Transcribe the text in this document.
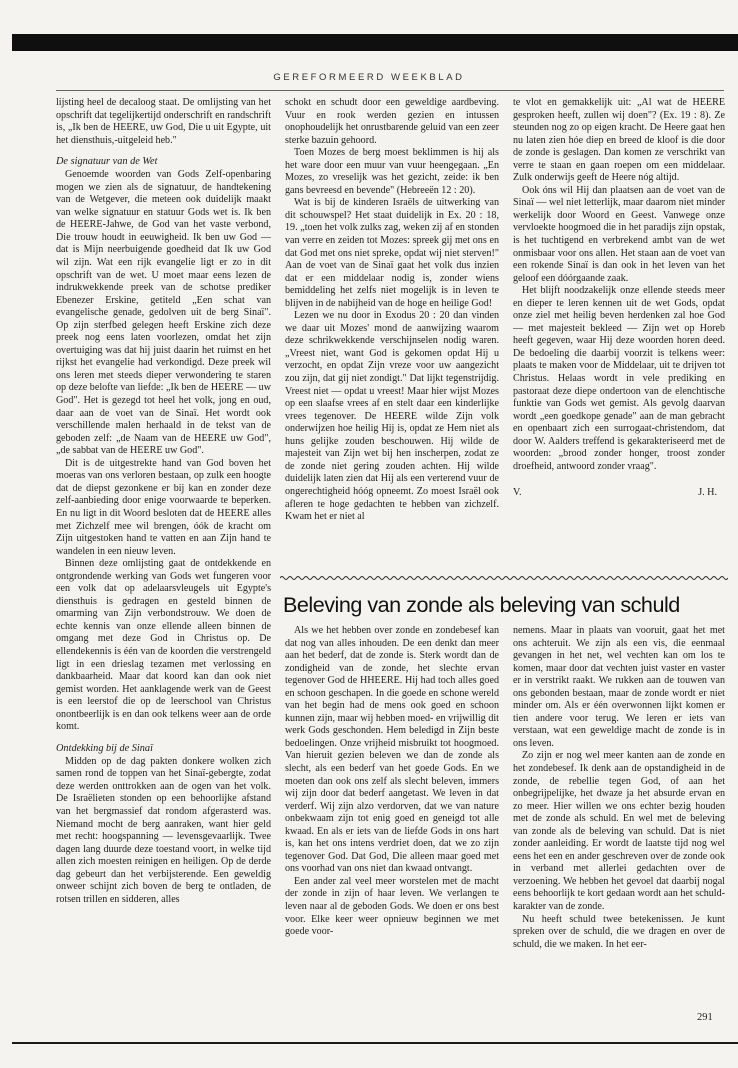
GEREFORMEERD WEEKBLAD

lijsting heel de decaloog staat. De omlijsting van het opschrift dat tegelijkertijd onderschrift en randschrift is, „Ik ben de HEERE, uw God, Die u uit Egypte, uit het diensthuis,-uitgeleid heb."

De signatuur van de Wet

Genoemde woorden van Gods Zelf-openbaring mogen we zien als de signatuur, de handtekening van de Wetgever, die meteen ook duidelijk maakt van welke signatuur en statuur Gods wet is. Ik ben de HEERE-Jahwe, de God van het vaste verbond, Die trouw houdt in eeuwigheid. Ik ben uw God — dat is Mijn neerbuigende goedheid dat Ik uw God wil zijn. Wat een rijk evangelie ligt er zo in dit opschrift van de wet. U moet maar eens lezen de indrukwekkende preek van de schotse prediker Ebenezer Erskine, getiteld „Een schat van evangelische genade, gedolven uit de berg Sinaï". Op zijn sterfbed gelegen heeft Erskine zich deze preek nog eens laten voorlezen, omdat het zijn overtuiging was dat hij juist daarin het ruimst en het rijkst het evangelie had verkondigd. Deze preek wil ons leren met steeds dieper verwondering te staren op deze belofte van liefde: „Ik ben de HEERE — uw God". Het is gezegd tot heel het volk, jong en oud, daar aan de voet van de Sinaï. Het wordt ook verschillende malen herhaald in de tekst van de geboden zelf: „de Naam van de HEERE uw God", „de sabbat van de HEERE uw God".

Dit is de uitgestrekte hand van God boven het moeras van ons verloren bestaan, op zulk een hoogte dat de diepst gezonkene er bij kan en zonder deze zelf-aanbieding door enige voorwaarde te beperken. En nu ligt in dit Woord besloten dat de HEERE alles met Zichzelf mee wil brengen, óók de kracht om Zijn uitgestoken hand te vatten en aan Zijn hand te wandelen in een nieuw leven.

Binnen deze omlijsting gaat de ontdekkende en ontgrondende werking van Gods wet fungeren voor een volk dat op adelaarsvleugels uit Egypte's diensthuis is gedragen en gesteld binnen de omarming van Zijn verbondstrouw. We doen de echte kennis van onze ellende alleen binnen de omgang met deze God in Christus op. De ellendekennis is één van de koorden die verstrengeld ligt in een drieslag tezamen met verlossing en dankbaarheid. Maar dat koord kan dan ook niet gemist worden. Het aanklagende werk van de Geest is een leerstof die op de leerschool van Christus onontbeerlijk is en dan ook telkens weer aan de orde komt.

Ontdekking bij de Sinaï

Midden op de dag pakten donkere wolken zich samen rond de toppen van het Sinaï-gebergte, zodat deze werden onttrokken aan de ogen van het volk. De Israëlieten stonden op een behoorlijke afstand van het bergmassief dat rondom afgerasterd was. Niemand mocht de berg aanraken, want hier geld met recht: hoogspanning — levensgevaarlijk. Twee dagen lang duurde deze toestand voort, in welke tijd allen zich moesten reinigen en heiligen. Op de derde dag gebeurt dan het verbijsterende. Een geweldig onweer schijnt zich boven de berg te ontladen, de rotsen trillen en sidderen, alles

schokt en schudt door een geweldige aardbeving. Vuur en rook werden gezien en intussen onophoudelijk het onrustbarende geluid van een zeer sterke bazuin gehoord.

Toen Mozes de berg moest beklimmen is hij als het ware door een muur van vuur heengegaan. „En Mozes, zo vreselijk was het gezicht, zeide: ik ben gans bevreesd en bevende" (Hebreeën 12 : 20).

Wat is bij de kinderen Israëls de uitwerking van dit schouwspel? Het staat duidelijk in Ex. 20 : 18, 19. „toen het volk zulks zag, weken zij af en stonden van verre en zeiden tot Mozes: spreek gij met ons en dat God met ons niet spreke, opdat wij niet sterven!" Aan de voet van de Sinaï gaat het volk dus inzien dat er een middelaar nodig is, zonder wiens bemiddeling het zelfs niet mogelijk is in leven te blijven in de nabijheid van de hoge en heilige God!

Lezen we nu door in Exodus 20 : 20 dan vinden we daar uit Mozes' mond de aanwijzing waarom deze schrikwekkende verschijnselen nodig waren. „Vreest niet, want God is gekomen opdat Hij u verzocht, en opdat Zijn vreze voor uw aangezicht zou zijn, dat gij niet zondigt." Dat lijkt tegenstrijdig. Vreest niet — opdat u vreest! Maar hier wijst Mozes op een slaafse vrees af en stelt daar een kinderlijke vrees tegenover. De HEERE wilde Zijn volk onderwijzen hoe heilig Hij is, opdat ze Hem niet als huns gelijke zouden beschouwen. Hij wilde de majesteit van Zijn wet bij hen inscherpen, zodat ze de zonde niet gering zouden achten. Hij wilde duidelijk laten zien dat Hij als een verterend vuur de ongerechtigheid hóóg opneemt. Zo moest Israël ook afleren te hoge gedachten te hebben van zichzelf. Kwam het er niet al

te vlot en gemakkelijk uit: „Al wat de HEERE gesproken heeft, zullen wij doen"? (Ex. 19 : 8). Ze steunden nog zo op eigen kracht. De Heere gaat hen nu laten zien hóe diep en breed de kloof is die door de zonde is geslagen. Dan komen ze verschrikt van verre te staan en gaan roepen om een middelaar. Zulk onderwijs geeft de Heere nóg altijd.

Ook óns wil Hij dan plaatsen aan de voet van de Sinaï — wel niet letterlijk, maar daarom niet minder werkelijk door Woord en Geest. Vanwege onze vervloekte hoogmoed die in het paradijs zijn opstak, is het tuchtigend en verbrekend ambt van de wet onmisbaar voor ons allen. Het staan aan de voet van een rokende Sinaï is dan ook in het leven van het geloof een dóórgaande zaak.

Het blijft noodzakelijk onze ellende steeds meer en dieper te leren kennen uit de wet Gods, opdat onze ziel met heilig beven herdenken zal hoe God — met majesteit bekleed — Zijn wet op Horeb heeft gegeven, waar Hij deze woorden horen deed. De bedoeling die daarbij voorzit is telkens weer: plaats te maken voor de Middelaar, uit te drijven tot Christus. Helaas wordt in vele prediking en pastoraat deze diepe ondertoon van de elenchtische funktie van Gods wet gemist. Als gevolg daarvan wordt „een goedkope genade" aan de man gebracht en openbaart zich een surrogaat-christendom, dat door W. Aalders treffend is gekarakteriseerd met de woorden: „brood zonder honger, troost zonder droefheid, antwoord zonder vraag".

V.	J. H.
Beleving van zonde als beleving van schuld

Als we het hebben over zonde en zondebesef kan dat nog van alles inhouden. De een denkt dan meer aan het bederf, dat de zonde is. Sterk wordt dan de zondigheid van de zonde, het slechte ervan tegenover God de HHEERE. Hij had toch alles goed en schoon geschapen. In die goede en schone wereld van het begin had de mens ook goed en schoon kunnen zijn, maar wij hebben moed- en vrijwillig dit werk Gods geschonden. Hem beledigd in Zijn beste bedoelingen. Onze vrijheid misbruikt tot hoogmoed. Van hieruit gezien beleven we dan de zonde als slecht, als een bederf van het goede Gods. En we moeten dan ook ons zelf als slecht beleven, immers wij zijn door dat bederf aangetast. We leven in dat verderf. Wij zijn alzo verdorven, dat we van nature onbekwaam zijn tot enig goed en geneigd tot alle kwaad. En als er iets van de liefde Gods in ons hart is, kan het ons intens verdriet doen, dat we zo zijn tegenover God. Dat God, Die alleen maar goed met ons voorhad van ons niet dan kwaad ontvangt.

Een ander zal veel meer worstelen met de macht der zonde in zijn of haar leven. We verlangen te leven naar al de geboden Gods. We doen er ons best voor. Elke keer weer opnieuw beginnen we met goede voor-

nemens. Maar in plaats van vooruit, gaat het met ons achteruit. We zijn als een vis, die eenmaal gevangen in het net, wel vechten kan om los te komen, maar door dat vechten juist vaster en vaster er in verstrikt raakt. We rukken aan de touwen van ons gebonden bestaan, maar de zonde wordt er niet minder om. Als er één overwonnen lijkt komen er tien andere voor terug. We leren er iets van verstaan, wat een geweldige macht de zonde is in ons leven.

Zo zijn er nog wel meer kanten aan de zonde en het zondebesef. Ik denk aan de opstandigheid in de zonde, de rebellie tegen God, of aan het onbegrijpelijke, het dwaze ja het absurde ervan en zo meer. Hier willen we ons echter bezig houden met de zonde als schuld. En wel met de beleving van zonde als de beleving van schuld. Dat is niet zonder aanleiding. Er wordt de laatste tijd nog wel eens het een en ander geschreven over de zonde ook in verband met allerlei gedachten over de verzoening. We hebben het gevoel dat daarbij nogal eens behoorlijk te kort gedaan wordt aan het schuld-karakter van de zonde.

Nu heeft schuld twee betekenissen. Je kunt spreken over de schuld, die we dragen en over de schuld, die we maken. In het eer-

291
